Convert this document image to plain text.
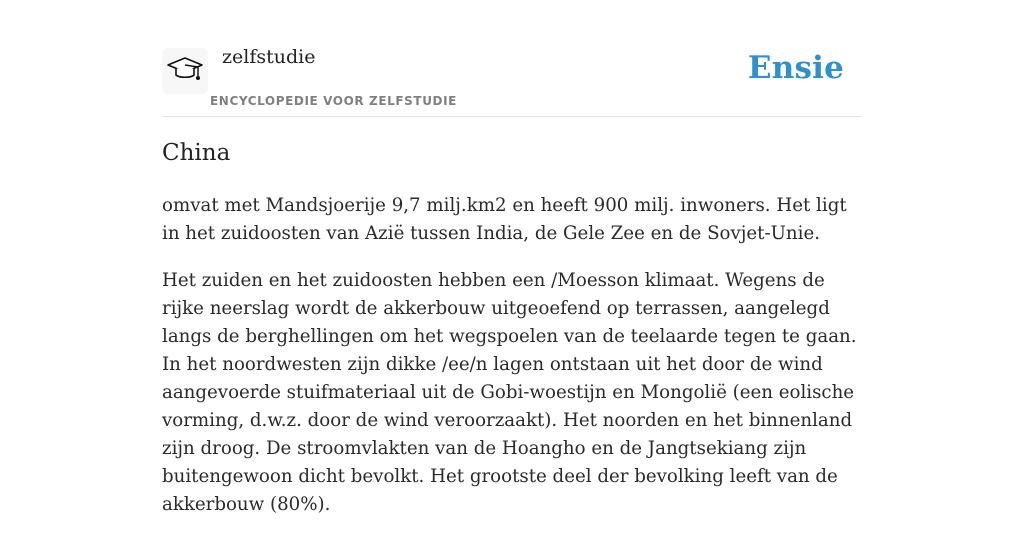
zelfstudie
ENCYCLOPEDIE VOOR ZELFSTUDIE
Ensie
China

omvat met Mandsjoerije 9,7 milj.km2 en heeft 900 milj. inwoners. Het ligt in het zuidoosten van Azië tussen India, de Gele Zee en de Sovjet-Unie.

Het zuiden en het zuidoosten hebben een /Moesson klimaat. Wegens de rijke neerslag wordt de akkerbouw uitgeoefend op terrassen, aangelegd langs de berghellingen om het wegspoelen van de teelaarde tegen te gaan. In het noordwesten zijn dikke /ee/n lagen ontstaan uit het door de wind aangevoerde stuifmateriaal uit de Gobi-woestijn en Mongolië (een eolische vorming, d.w.z. door de wind veroorzaakt). Het noorden en het binnenland zijn droog. De stroomvlakten van de Hoangho en de Jangtsekiang zijn buitengewoon dicht bevolkt. Het grootste deel der bevolking leeft van de akkerbouw (80%).
